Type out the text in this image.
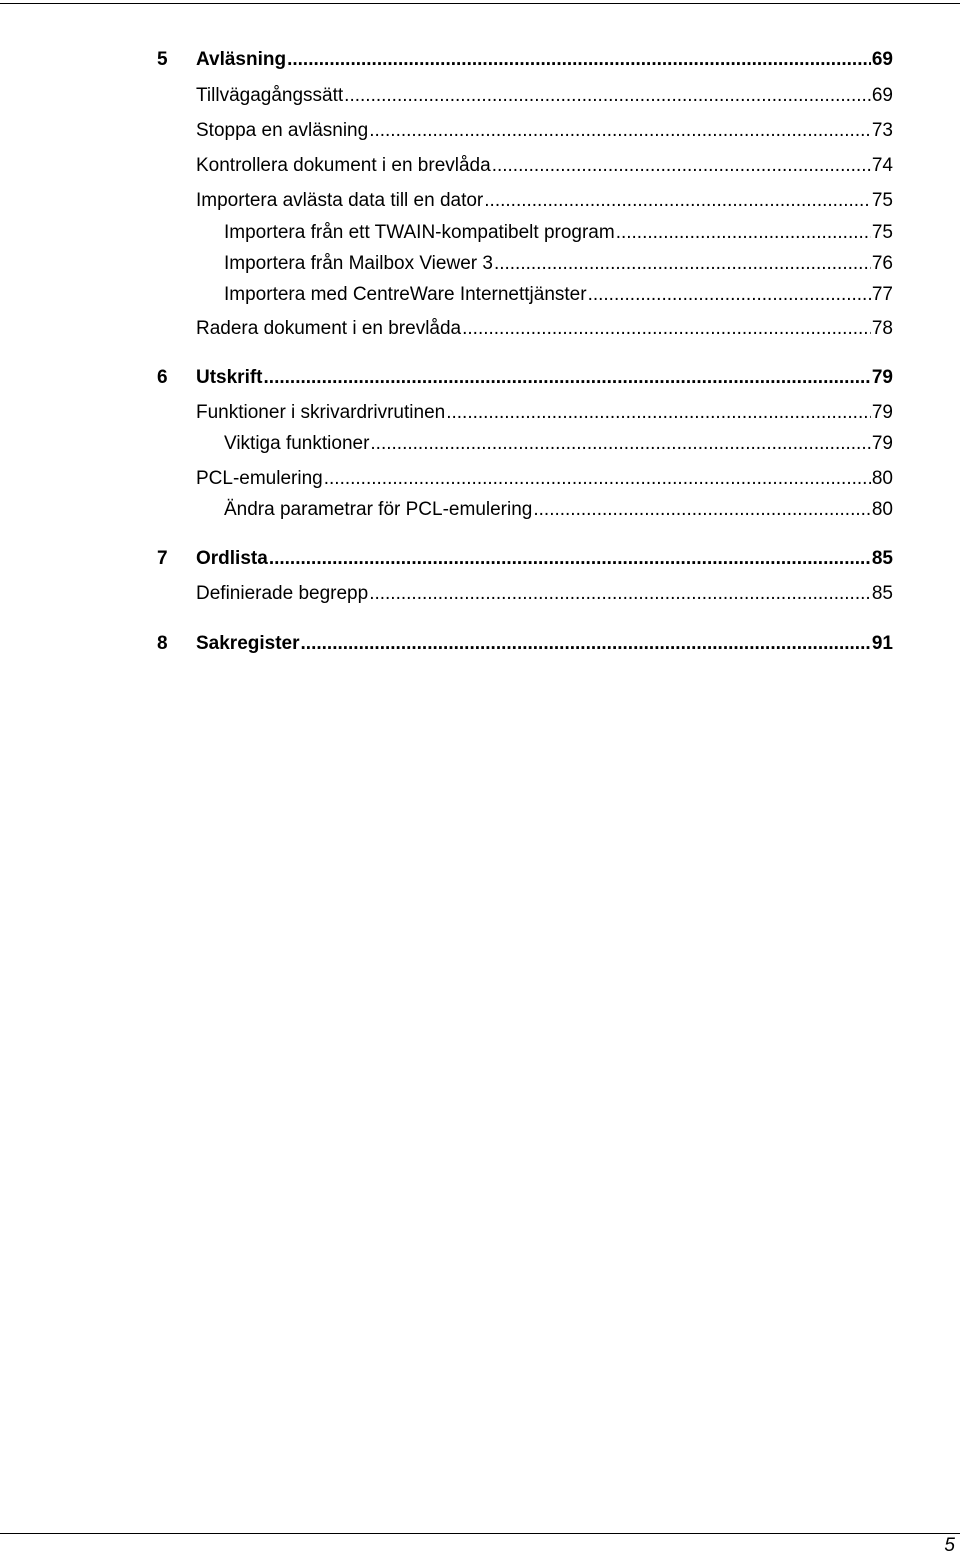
5	Avläsning .....	69
Tillvägagångssätt .....	69
Stoppa en avläsning .....	73
Kontrollera dokument i en brevlåda .....	74
Importera avlästa data till en dator .....	75
Importera från ett TWAIN-kompatibelt program .....	75
Importera från Mailbox Viewer 3 .....	76
Importera med CentreWare Internettjänster .....	77
Radera dokument i en brevlåda .....	78
6	Utskrift .....	79
Funktioner i skrivardrivrutinen .....	79
Viktiga funktioner .....	79
PCL-emulering .....	80
Ändra parametrar för PCL-emulering .....	80
7	Ordlista .....	85
Definierade begrepp .....	85
8	Sakregister .....	91
5
